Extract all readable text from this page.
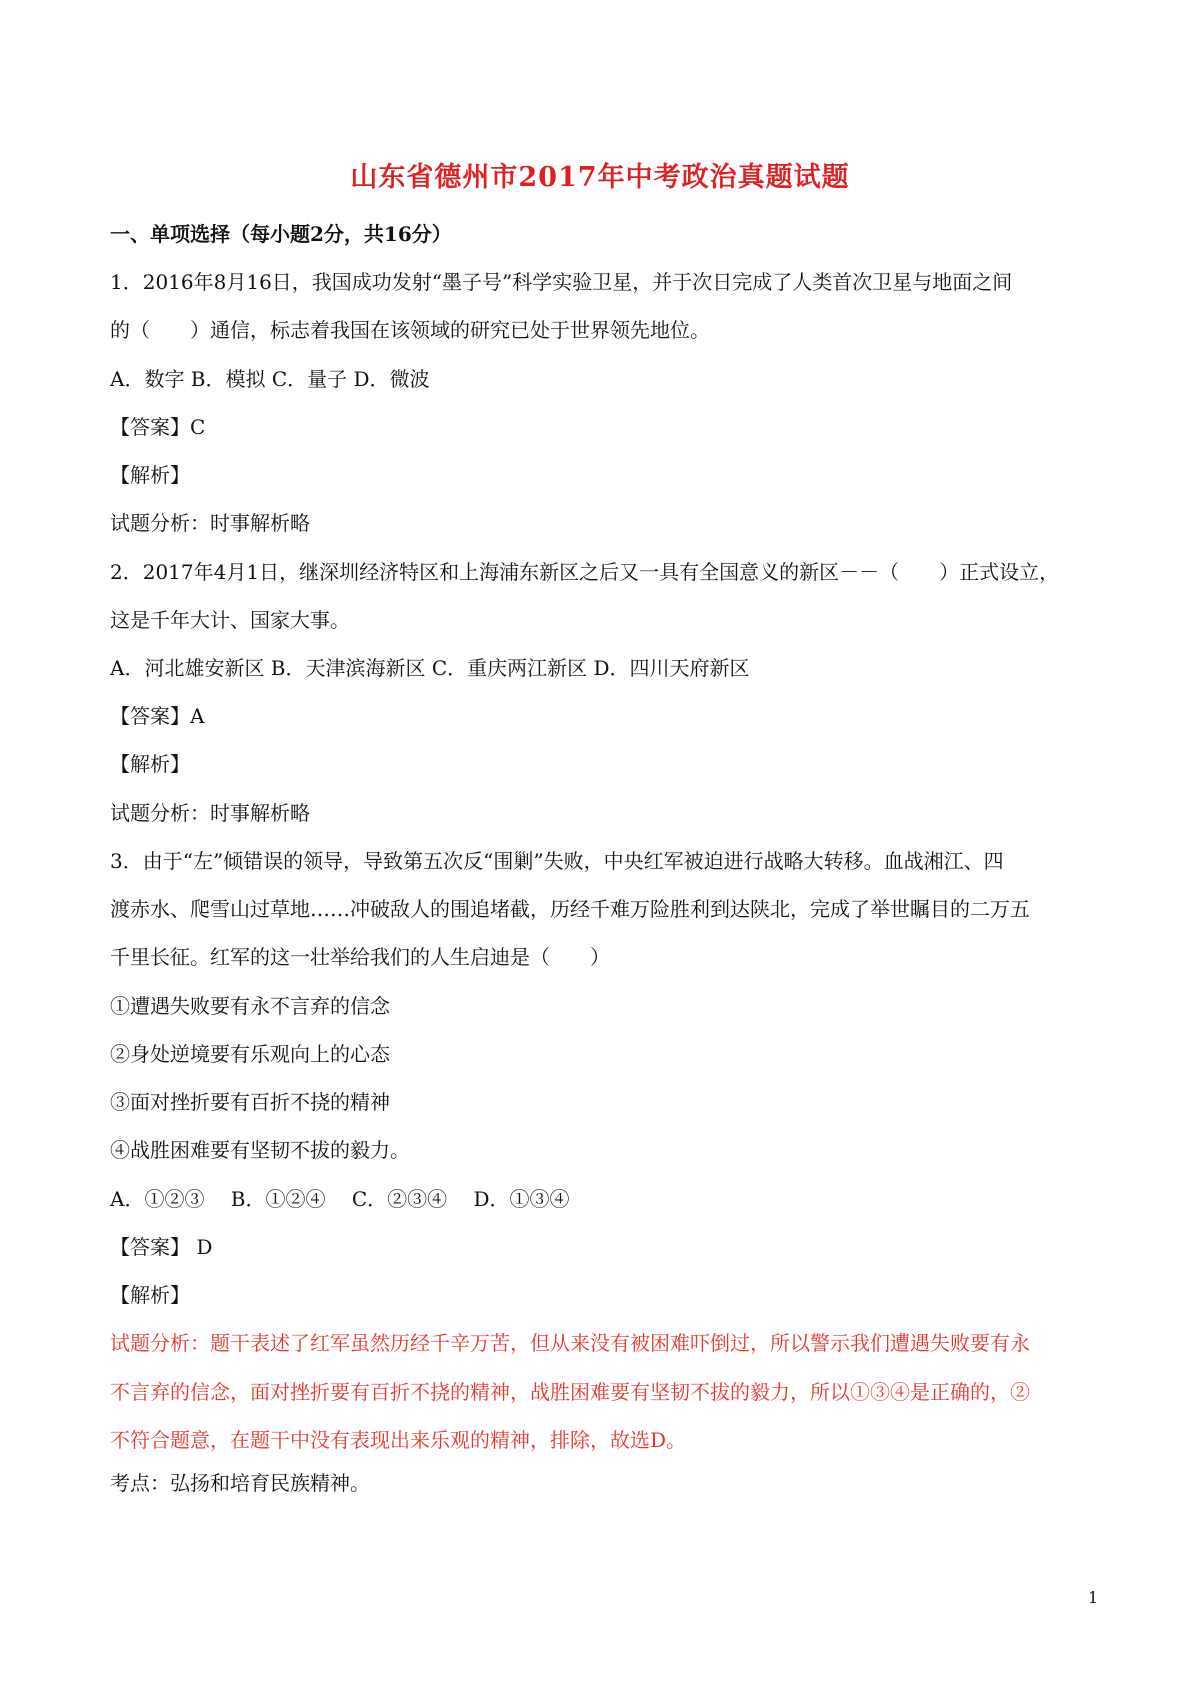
山东省德州市2017年中考政治真题试题
一、单项选择（每小题2分，共16分）
1．2016年8月16日，我国成功发射“墨子号”科学实验卫星，并于次日完成了人类首次卫星与地面之间
的（　　）通信，标志着我国在该领域的研究已处于世界领先地位。
A．数字 B．模拟 C．量子 D．微波
【答案】C
【解析】
试题分析：时事解析略
2．2017年4月1日，继深圳经济特区和上海浦东新区之后又一具有全国意义的新区－－（　　）正式设立，
这是千年大计、国家大事。
A．河北雄安新区 B．天津滨海新区 C．重庆两江新区 D．四川天府新区
【答案】A
【解析】
试题分析：时事解析略
3．由于“左”倾错误的领导，导致第五次反“围剿”失败，中央红军被迫进行战略大转移。血战湘江、四
渡赤水、爬雪山过草地……冲破敌人的围追堵截，历经千难万险胜利到达陕北，完成了举世瞩目的二万五
千里长征。红军的这一壮举给我们的人生启迪是（　　）
①遭遇失败要有永不言弃的信念
②身处逆境要有乐观向上的心态
③面对挫折要有百折不挠的精神
④战胜困难要有坚韧不拔的毅力。
A．①②③　 B．①②④　 C．②③④　 D．①③④
【答案】 D
【解析】
试题分析：题干表述了红军虽然历经千辛万苦，但从来没有被困难吓倒过，所以警示我们遭遇失败要有永
不言弃的信念，面对挫折要有百折不挠的精神，战胜困难要有坚韧不拔的毅力，所以①③④是正确的，②
不符合题意，在题干中没有表现出来乐观的精神，排除，故选D。
考点：弘扬和培育民族精神。
1
